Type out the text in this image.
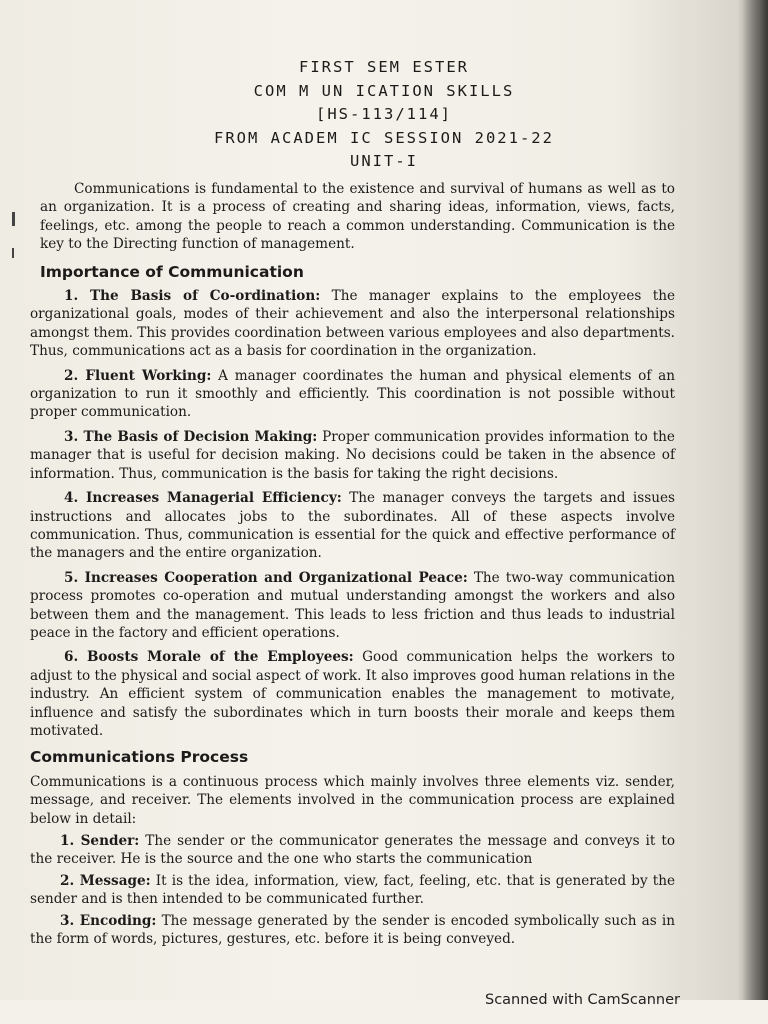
FIRST SEM ESTER
COM M UN ICATION SKILLS
[HS-113/114]
FROM ACADEM IC SESSION 2021-22
UNIT-I

Communications is fundamental to the existence and survival of humans as well as to an organization. It is a process of creating and sharing ideas, information, views, facts, feelings, etc. among the people to reach a common understanding. Communication is the key to the Directing function of management.

Importance of Communication

1. The Basis of Co-ordination: The manager explains to the employees the organizational goals, modes of their achievement and also the interpersonal relationships amongst them. This provides coordination between various employees and also departments. Thus, communications act as a basis for coordination in the organization.

2. Fluent Working: A manager coordinates the human and physical elements of an organization to run it smoothly and efficiently. This coordination is not possible without proper communication.

3. The Basis of Decision Making: Proper communication provides information to the manager that is useful for decision making. No decisions could be taken in the absence of information. Thus, communication is the basis for taking the right decisions.

4. Increases Managerial Efficiency: The manager conveys the targets and issues instructions and allocates jobs to the subordinates. All of these aspects involve communication. Thus, communication is essential for the quick and effective performance of the managers and the entire organization.

5. Increases Cooperation and Organizational Peace: The two-way communication process promotes co-operation and mutual understanding amongst the workers and also between them and the management. This leads to less friction and thus leads to industrial peace in the factory and efficient operations.

6. Boosts Morale of the Employees: Good communication helps the workers to adjust to the physical and social aspect of work. It also improves good human relations in the industry. An efficient system of communication enables the management to motivate, influence and satisfy the subordinates which in turn boosts their morale and keeps them motivated.

Communications Process

Communications is a continuous process which mainly involves three elements viz. sender, message, and receiver. The elements involved in the communication process are explained below in detail:

1. Sender: The sender or the communicator generates the message and conveys it to the receiver. He is the source and the one who starts the communication

2. Message: It is the idea, information, view, fact, feeling, etc. that is generated by the sender and is then intended to be communicated further.

3. Encoding: The message generated by the sender is encoded symbolically such as in the form of words, pictures, gestures, etc. before it is being conveyed.

Scanned with CamScanner
